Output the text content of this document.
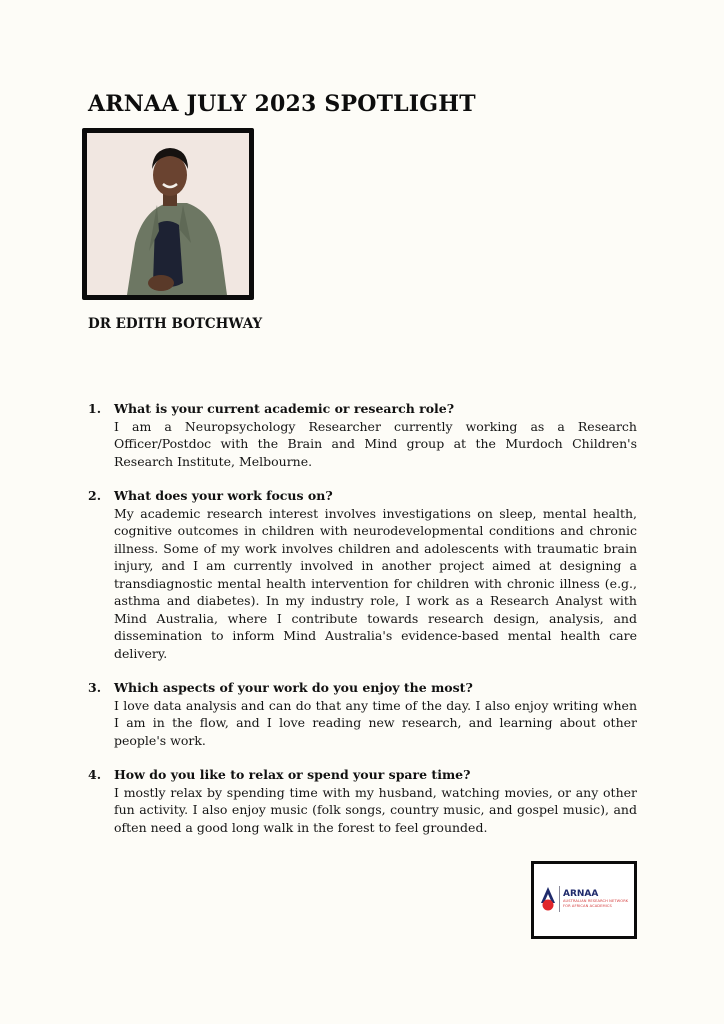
ARNAA JULY 2023 SPOTLIGHT
DR EDITH BOTCHWAY
1. What is your current academic or research role?

I am a Neuropsychology Researcher currently working as a Research Officer/Postdoc with the Brain and Mind group at the Murdoch Children's Research Institute, Melbourne.

2. What does your work focus on?

My academic research interest involves investigations on sleep, mental health, cognitive outcomes in children with neurodevelopmental conditions and chronic illness. Some of my work involves children and adolescents with traumatic brain injury, and I am currently involved in another project aimed at designing a transdiagnostic mental health intervention for children with chronic illness (e.g., asthma and diabetes). In my industry role, I work as a Research Analyst with Mind Australia, where I contribute towards research design, analysis, and dissemination to inform Mind Australia's evidence-based mental health care delivery.

3. Which aspects of your work do you enjoy the most?

I love data analysis and can do that any time of the day. I also enjoy writing when I am in the flow, and I love reading new research, and learning about other people's work.

4. How do you like to relax or spend your spare time?

I mostly relax by spending time with my husband, watching movies, or any other fun activity. I also enjoy music (folk songs, country music, and gospel music), and often need a good long walk in the forest to feel grounded.

ARNAA
AUSTRALIAN RESEARCH NETWORK
FOR AFRICAN ACADEMICS
